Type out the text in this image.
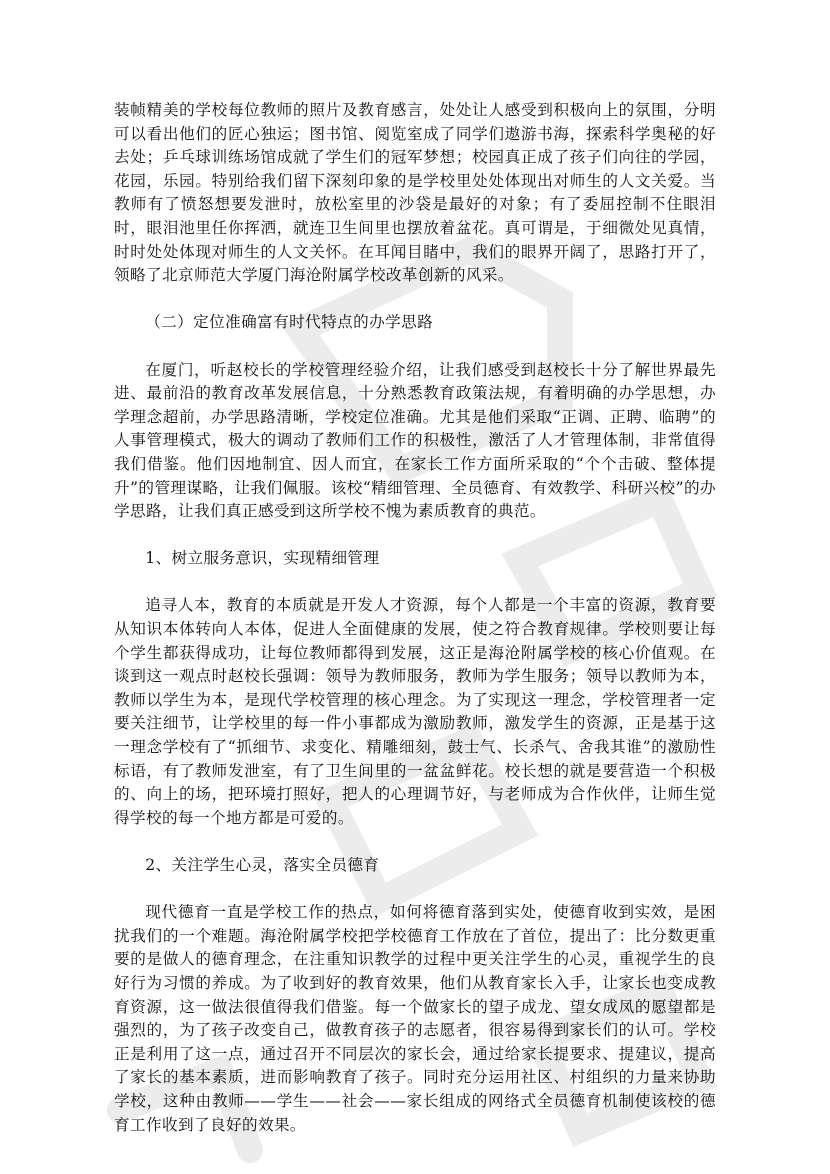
装帧精美的学校每位教师的照片及教育感言，处处让人感受到积极向上的氛围，分明可以看出他们的匠心独运；图书馆、阅览室成了同学们遨游书海，探索科学奥秘的好去处；乒乓球训练场馆成就了学生们的冠军梦想；校园真正成了孩子们向往的学园，花园，乐园。特别给我们留下深刻印象的是学校里处处体现出对师生的人文关爱。当教师有了愤怒想要发泄时，放松室里的沙袋是最好的对象；有了委屈控制不住眼泪时，眼泪池里任你挥洒，就连卫生间里也摆放着盆花。真可谓是，于细微处见真情，时时处处体现对师生的人文关怀。在耳闻目睹中，我们的眼界开阔了，思路打开了，领略了北京师范大学厦门海沧附属学校改革创新的风采。

（二）定位准确富有时代特点的办学思路

在厦门，听赵校长的学校管理经验介绍，让我们感受到赵校长十分了解世界最先进、最前沿的教育改革发展信息，十分熟悉教育政策法规，有着明确的办学思想，办学理念超前，办学思路清晰，学校定位准确。尤其是他们采取“正调、正聘、临聘”的人事管理模式，极大的调动了教师们工作的积极性，激活了人才管理体制，非常值得我们借鉴。他们因地制宜、因人而宜，在家长工作方面所采取的“个个击破、整体提升”的管理谋略，让我们佩服。该校“精细管理、全员德育、有效教学、科研兴校”的办学思路，让我们真正感受到这所学校不愧为素质教育的典范。

1、树立服务意识，实现精细管理

追寻人本，教育的本质就是开发人才资源，每个人都是一个丰富的资源，教育要从知识本体转向人本体，促进人全面健康的发展，使之符合教育规律。学校则要让每个学生都获得成功，让每位教师都得到发展，这正是海沧附属学校的核心价值观。在谈到这一观点时赵校长强调：领导为教师服务，教师为学生服务；领导以教师为本，教师以学生为本，是现代学校管理的核心理念。为了实现这一理念，学校管理者一定要关注细节，让学校里的每一件小事都成为激励教师，激发学生的资源，正是基于这一理念学校有了“抓细节、求变化、精雕细刻，鼓士气、长杀气、舍我其谁”的激励性标语，有了教师发泄室，有了卫生间里的一盆盆鲜花。校长想的就是要营造一个积极的、向上的场，把环境打照好，把人的心理调节好，与老师成为合作伙伴，让师生觉得学校的每一个地方都是可爱的。

2、关注学生心灵，落实全员德育

现代德育一直是学校工作的热点，如何将德育落到实处，使德育收到实效，是困扰我们的一个难题。海沧附属学校把学校德育工作放在了首位，提出了：比分数更重要的是做人的德育理念，在注重知识教学的过程中更关注学生的心灵，重视学生的良好行为习惯的养成。为了收到好的教育效果，他们从教育家长入手，让家长也变成教育资源，这一做法很值得我们借鉴。每一个做家长的望子成龙、望女成凤的愿望都是强烈的，为了孩子改变自己，做教育孩子的志愿者，很容易得到家长们的认可。学校正是利用了这一点，通过召开不同层次的家长会，通过给家长提要求、提建议，提高了家长的基本素质，进而影响教育了孩子。同时充分运用社区、村组织的力量来协助学校，这种由教师——学生——社会——家长组成的网络式全员德育机制使该校的德育工作收到了良好的效果。
